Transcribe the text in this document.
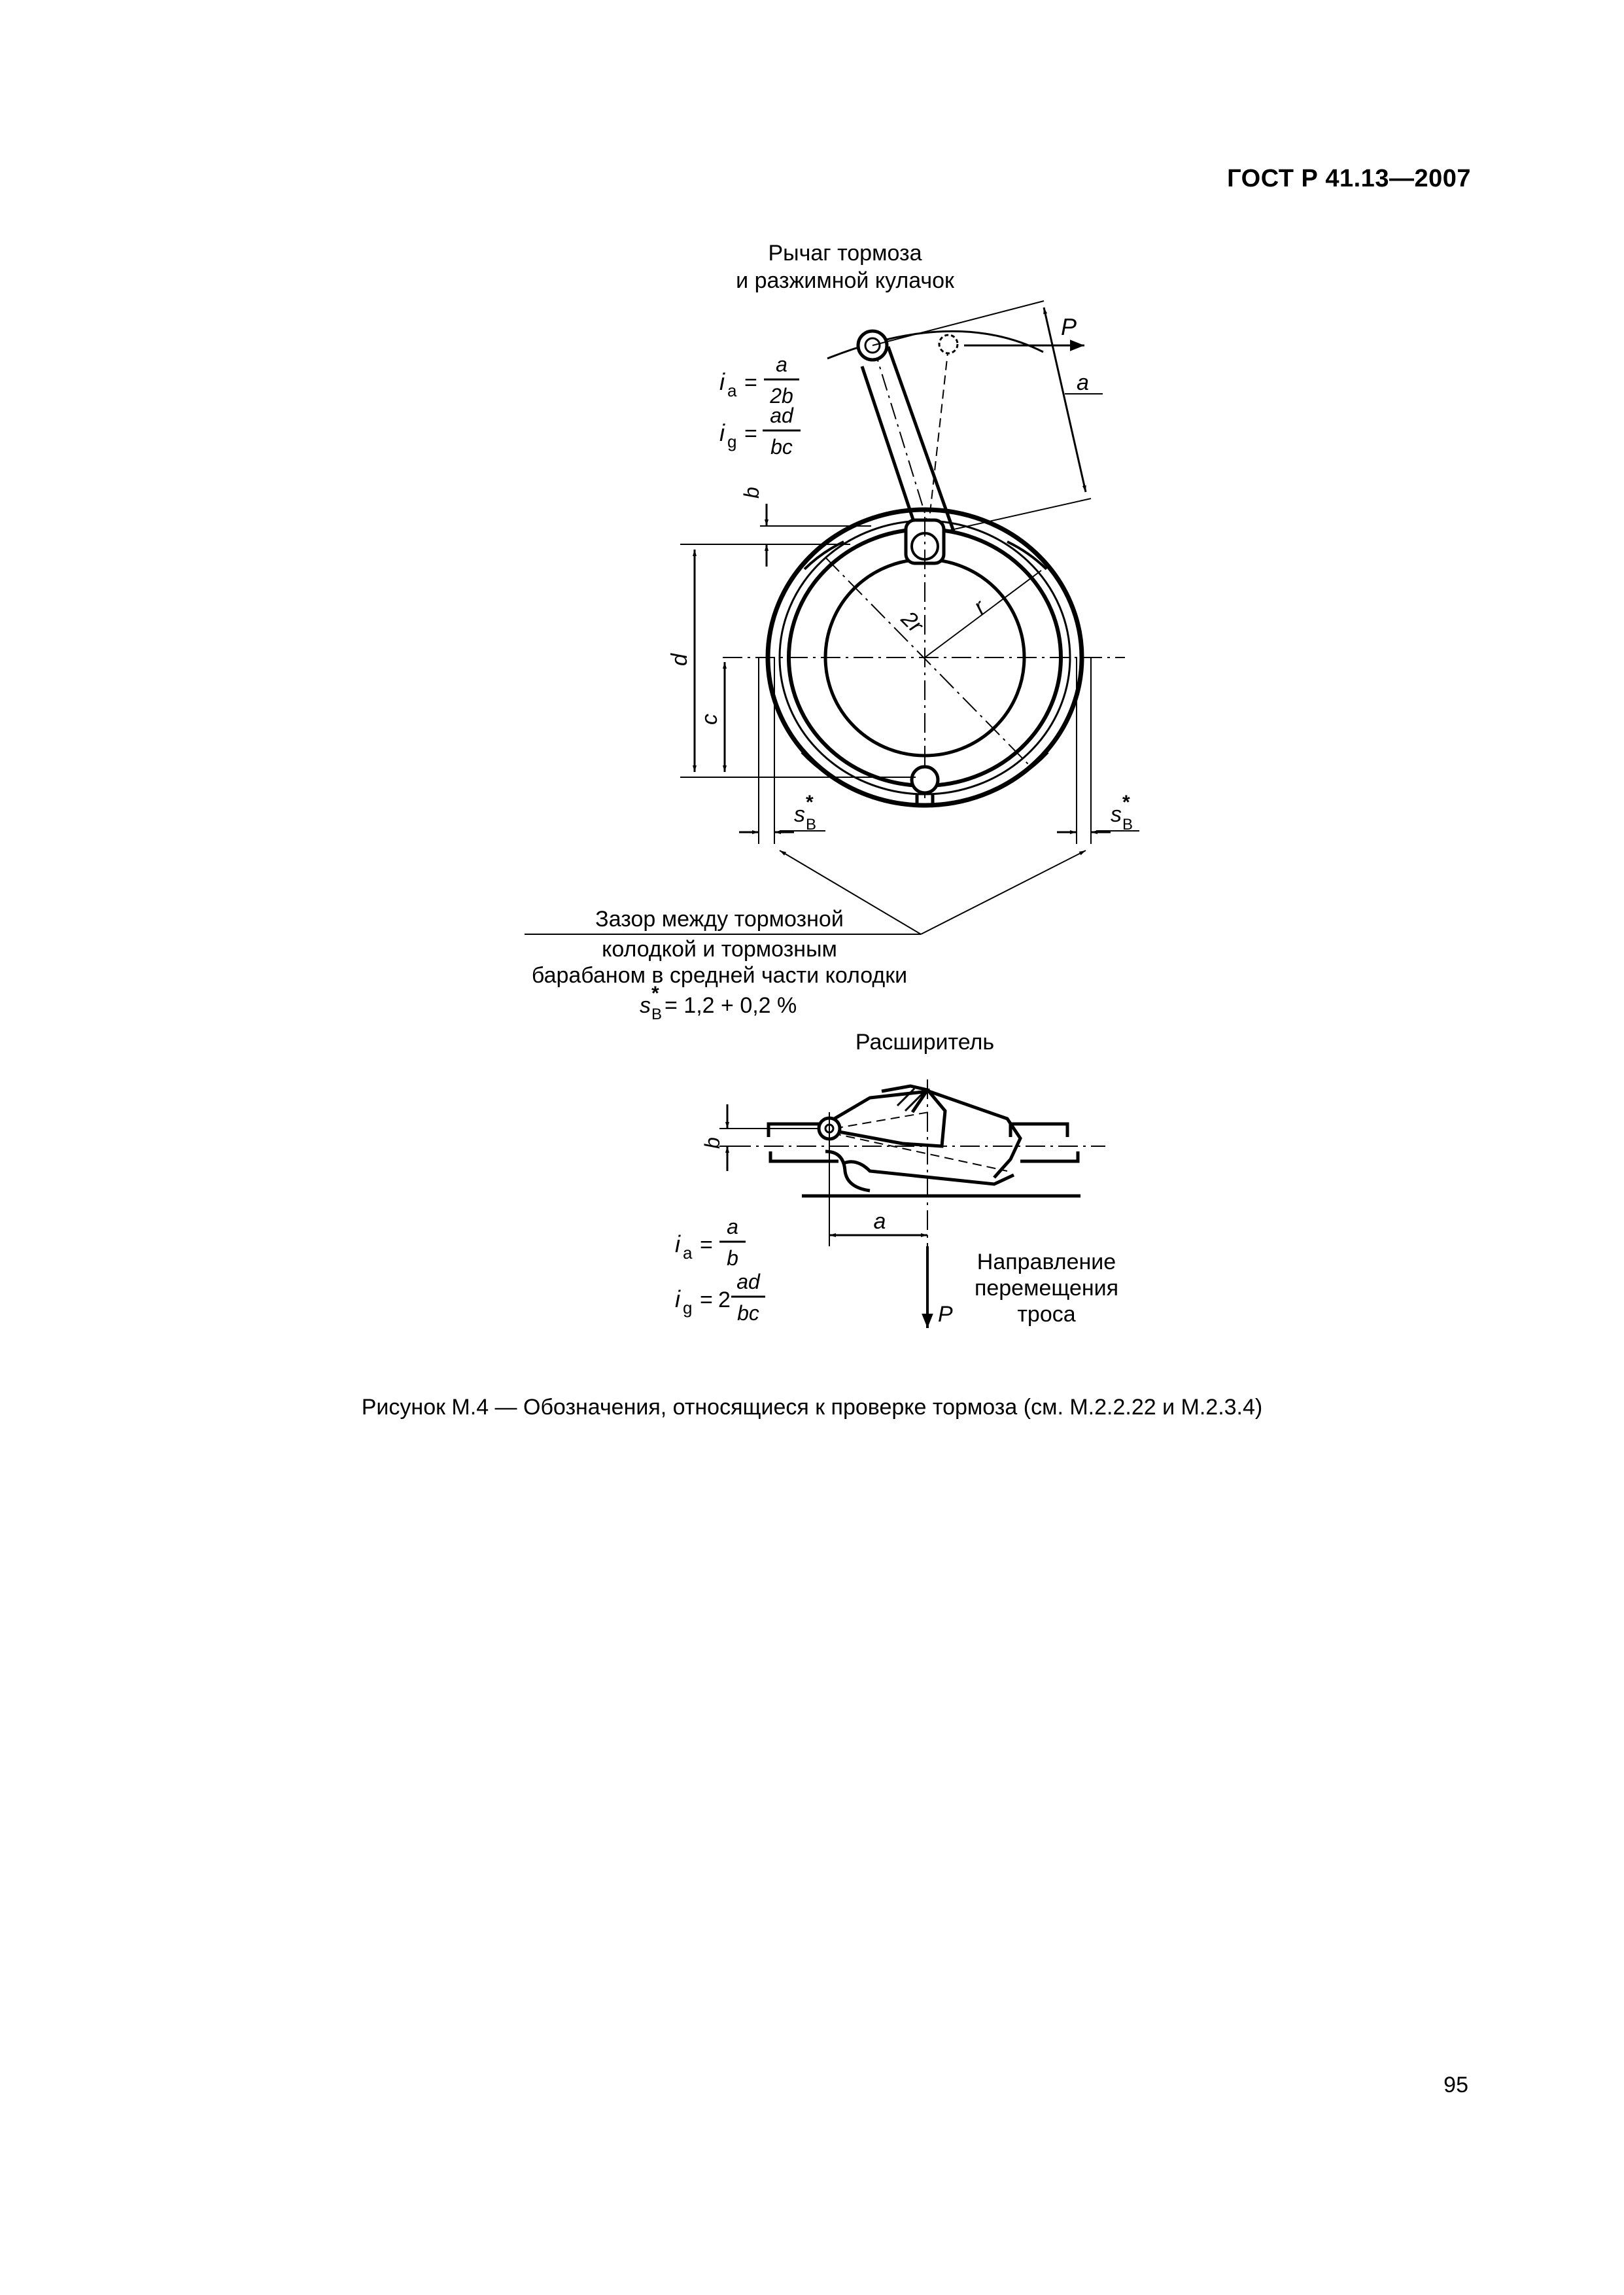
ГОСТ Р 41.13—2007
Рычаг тормоза
и разжимной кулачок
i a =
a
2b
i g =
ad
bc
P
a
b
2r r
d
c
s B
*	s B
*
Зазор между тормозной
колодкой и тормозным
барабаном в средней части колодки
s B
* = 1,2 + 0,2 %
Расширитель
b
a
P
Направление
перемещения
троса
i a =
a
b
i g = 2
ad
bc
Рисунок М.4 — Обозначения, относящиеся к проверке тормоза (см. М.2.2.22 и М.2.3.4)
95
